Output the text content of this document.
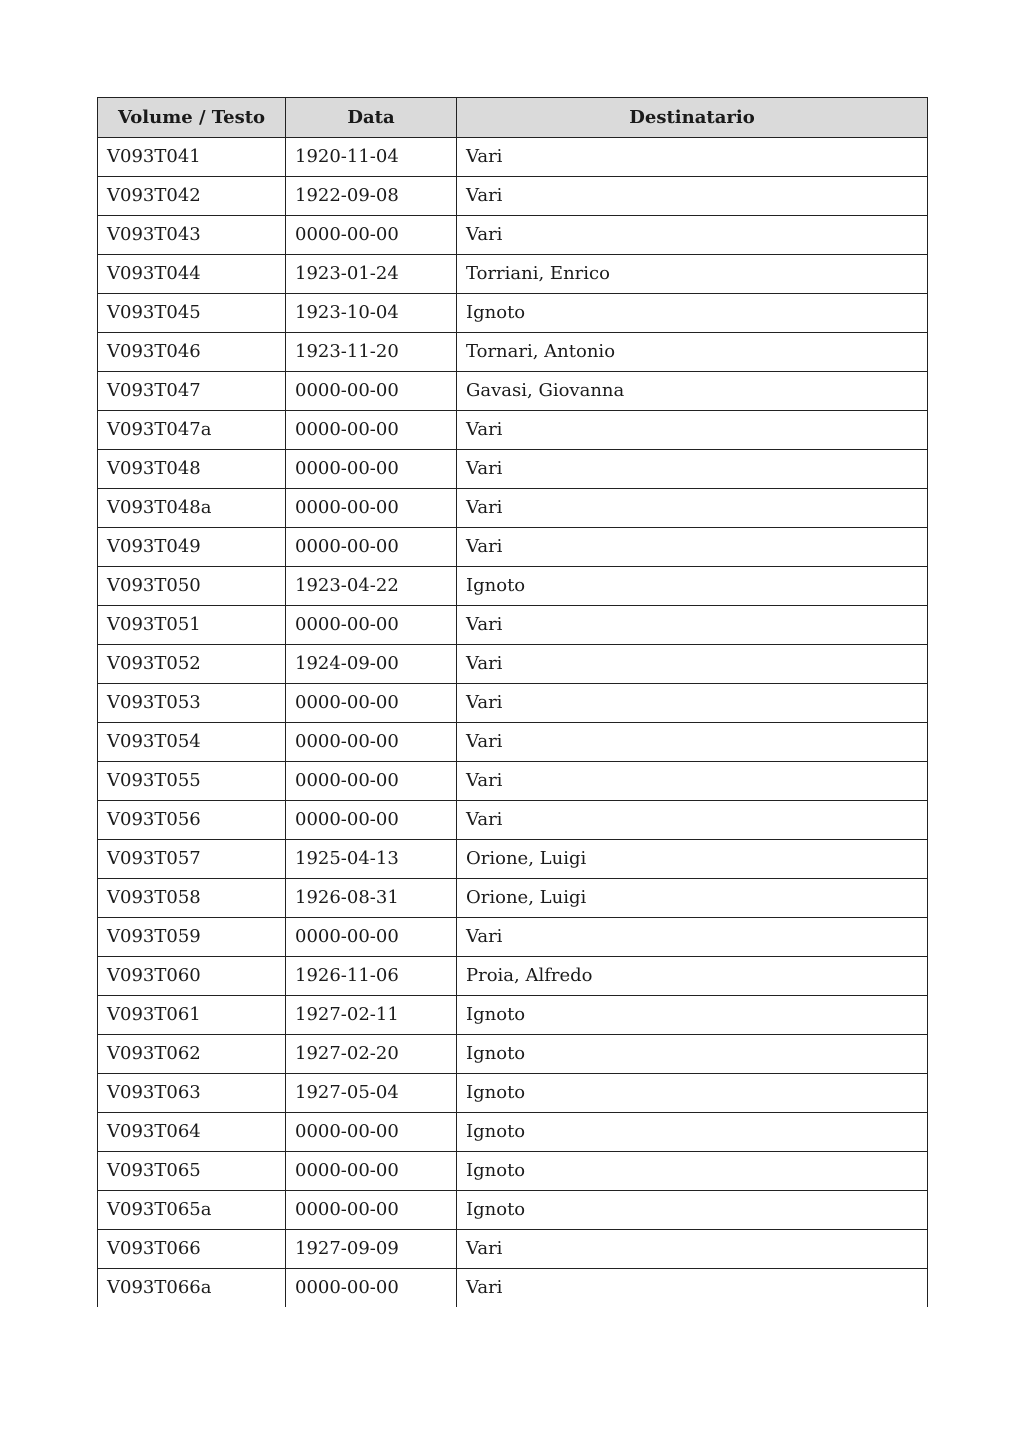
Volume / Testo	Data	Destinatario
V093T041	1920-11-04	Vari
V093T042	1922-09-08	Vari
V093T043	0000-00-00	Vari
V093T044	1923-01-24	Torriani, Enrico
V093T045	1923-10-04	Ignoto
V093T046	1923-11-20	Tornari, Antonio
V093T047	0000-00-00	Gavasi, Giovanna
V093T047a	0000-00-00	Vari
V093T048	0000-00-00	Vari
V093T048a	0000-00-00	Vari
V093T049	0000-00-00	Vari
V093T050	1923-04-22	Ignoto
V093T051	0000-00-00	Vari
V093T052	1924-09-00	Vari
V093T053	0000-00-00	Vari
V093T054	0000-00-00	Vari
V093T055	0000-00-00	Vari
V093T056	0000-00-00	Vari
V093T057	1925-04-13	Orione, Luigi
V093T058	1926-08-31	Orione, Luigi
V093T059	0000-00-00	Vari
V093T060	1926-11-06	Proia, Alfredo
V093T061	1927-02-11	Ignoto
V093T062	1927-02-20	Ignoto
V093T063	1927-05-04	Ignoto
V093T064	0000-00-00	Ignoto
V093T065	0000-00-00	Ignoto
V093T065a	0000-00-00	Ignoto
V093T066	1927-09-09	Vari
V093T066a	0000-00-00	Vari
